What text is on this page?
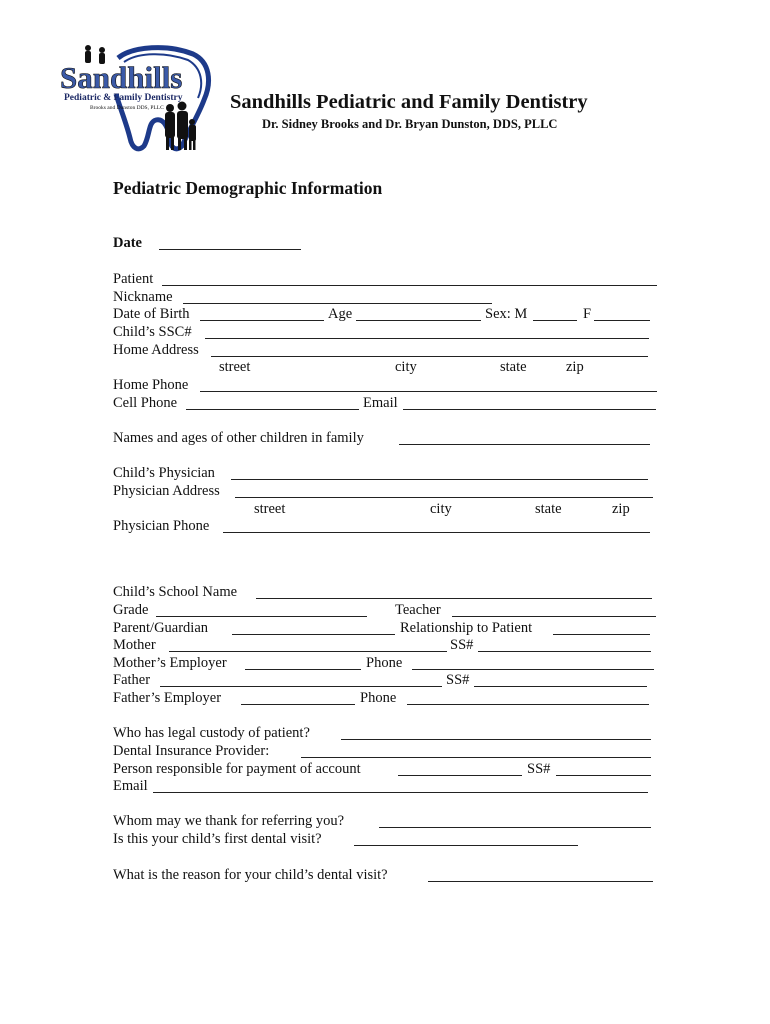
Sandhills
Pediatric & Family Dentistry
Brooks and Dunston DDS, PLLC	Sandhills Pediatric and Family Dentistry
Dr. Sidney Brooks and Dr. Bryan Dunston, DDS, PLLC
Pediatric Demographic Information
Date
Patient
Nickname
Date of Birth	Age	Sex: M	F
Child’s SSC#
Home Address
street	city	state	zip
Home Phone
Cell Phone	Email
Names and ages of other children in family
Child’s Physician
Physician Address
street	city	state	zip
Physician Phone
Child’s School Name
Grade	Teacher
Parent/Guardian	Relationship to Patient
Mother	SS#
Mother’s Employer	Phone
Father	SS#
Father’s Employer	Phone
Who has legal custody of patient?
Dental Insurance Provider:
Person responsible for payment of account	SS#
Email
Whom may we thank for referring you?
Is this your child’s first dental visit?
What is the reason for your child’s dental visit?
